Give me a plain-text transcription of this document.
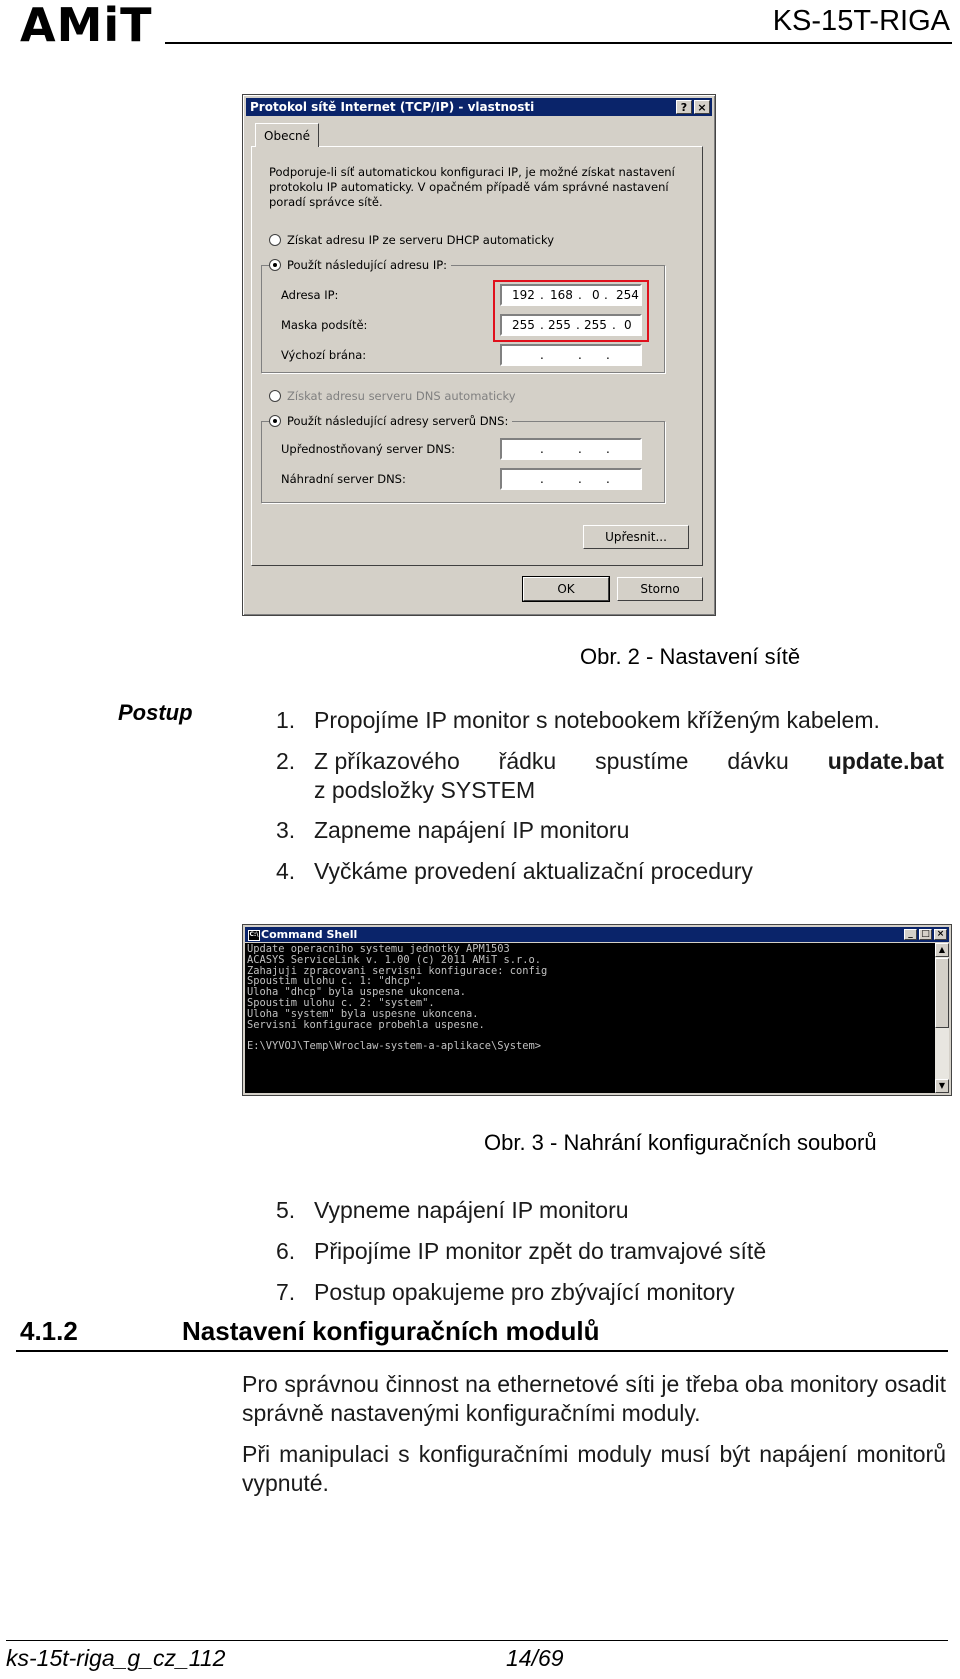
AMiT	KS-15T-RIGA
Protokol sítě Internet (TCP/IP) - vlastnosti	? ×
Obecné
Podporuje-li síť automatickou konfiguraci IP, je možné získat nastavení protokolu IP automaticky. V opačném případě vám správné nastavení poradí správce sítě.
Získat adresu IP ze serveru DHCP automaticky
Použít následující adresu IP:
Adresa IP:	192 . 168 . 0 . 254
Maska podsítě:	255 . 255 . 255 . 0
Výchozí brána:	.	. .
Získat adresu serveru DNS automaticky
Použít následující adresy serverů DNS:
Upřednostňovaný server DNS:	.	. .
Náhradní server DNS:	.	. .
Upřesnit...
OK	Storno
Obr. 2 - Nastavení sítě
Postup	1. Propojíme IP monitor s notebookem kříženým kabelem.
2. Z příkazového řádku spustíme dávku update.bat
z podsložky SYSTEM
3. Zapneme napájení IP monitoru
4. Vyčkáme provedení aktualizační procedury
C:\ Command Shell	_ □ ×
Update operacniho systemu jednotky APM1503
ACASYS ServiceLink v. 1.00 (c) 2011 AMiT s.r.o.
Zahajuji zpracovani servisni konfigurace: config
Spoustim ulohu c. 1: "dhcp".
Uloha "dhcp" byla uspesne ukoncena.
Spoustim ulohu c. 2: "system".
Uloha "system" byla uspesne ukoncena.
Servisni konfigurace probehla uspesne.

E:\VYVOJ\Temp\Wroclaw-system-a-aplikace\System>
▲
▼
Obr. 3 - Nahrání konfiguračních souborů
5. Vypneme napájení IP monitoru
6. Připojíme IP monitor zpět do tramvajové sítě
7. Postup opakujeme pro zbývající monitory
4.1.2	Nastavení konfiguračních modulů
Pro správnou činnost na ethernetové síti je třeba oba monitory osadit správně nastavenými konfiguračními moduly.
Při manipulaci s konfiguračními moduly musí být napájení monitorů vypnuté.
ks-15t-riga_g_cz_112	14/69
